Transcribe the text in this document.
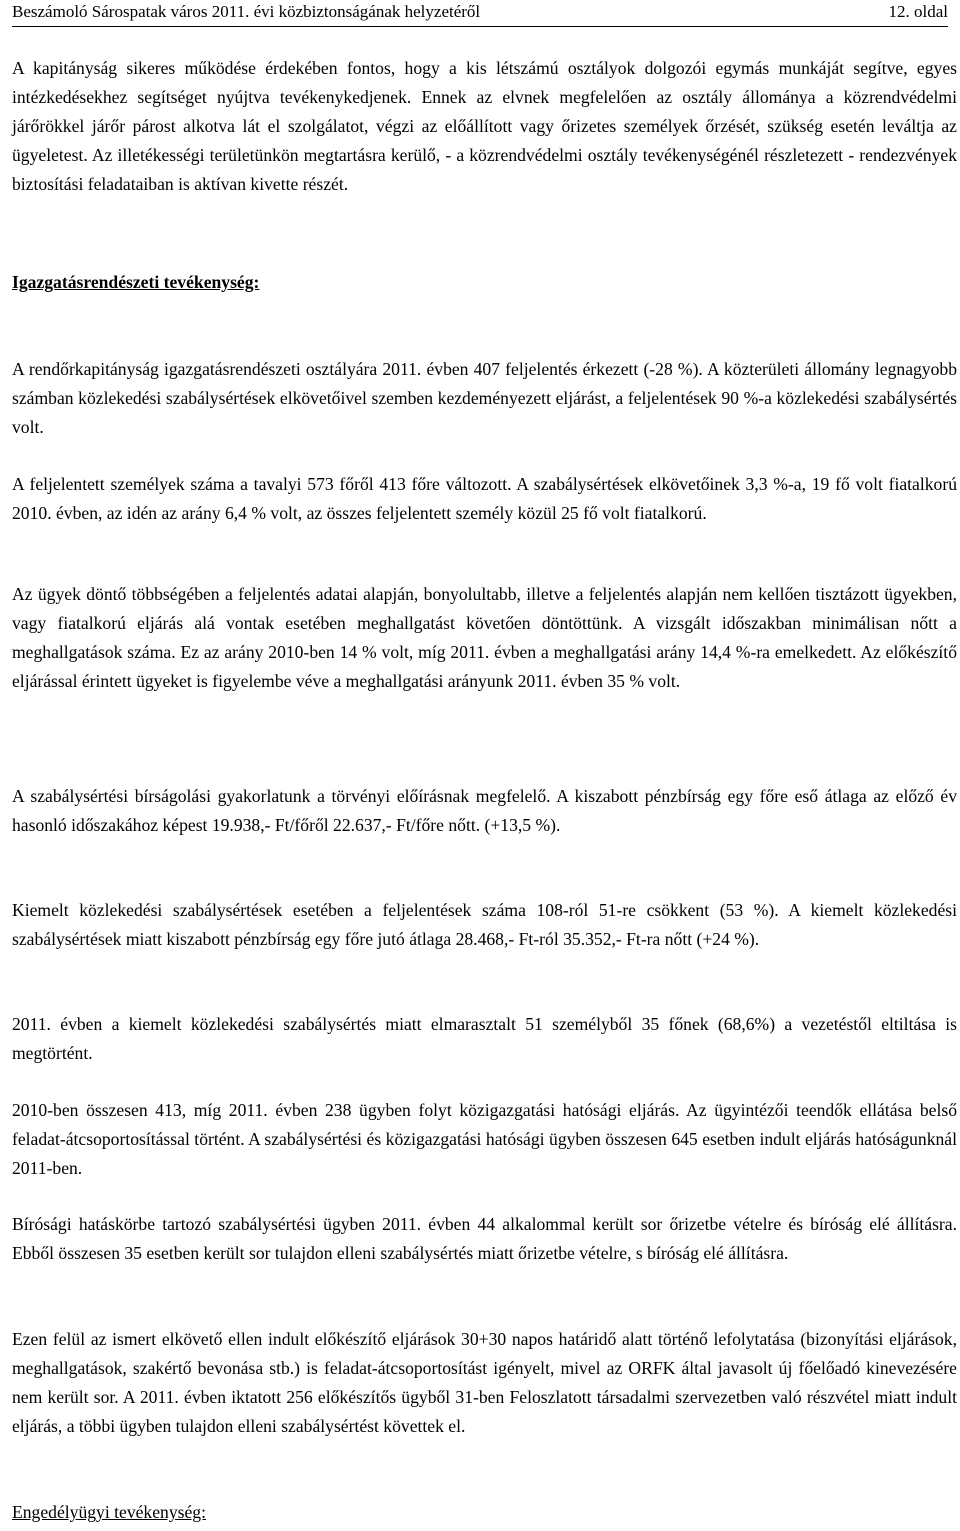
Beszámoló Sárospatak város 2011. évi közbiztonságának helyzetéről	12. oldal

A kapitányság sikeres működése érdekében fontos, hogy a kis létszámú osztályok dolgozói egymás munkáját segítve, egyes intézkedésekhez segítséget nyújtva tevékenykedjenek. Ennek az elvnek megfelelően az osztály állománya a közrendvédelmi járőrökkel járőr párost alkotva lát el szolgálatot, végzi az előállított vagy őrizetes személyek őrzését, szükség esetén leváltja az ügyeletest. Az illetékességi területünkön megtartásra kerülő, - a közrendvédelmi osztály tevékenységénél részletezett - rendezvények biztosítási feladataiban is aktívan kivette részét.

Igazgatásrendészeti tevékenység:

A rendőrkapitányság igazgatásrendészeti osztályára 2011. évben 407 feljelentés érkezett (-28 %). A közterületi állomány legnagyobb számban közlekedési szabálysértések elkövetőivel szemben kezdeményezett eljárást, a feljelentések 90 %-a közlekedési szabálysértés volt.

A feljelentett személyek száma a tavalyi 573 főről 413 főre változott. A szabálysértések elkövetőinek 3,3 %-a, 19 fő volt fiatalkorú 2010. évben, az idén az arány 6,4 % volt, az összes feljelentett személy közül 25 fő volt fiatalkorú.

Az ügyek döntő többségében a feljelentés adatai alapján, bonyolultabb, illetve a feljelentés alapján nem kellően tisztázott ügyekben, vagy fiatalkorú eljárás alá vontak esetében meghallgatást követően döntöttünk. A vizsgált időszakban minimálisan nőtt a meghallgatások száma. Ez az arány 2010-ben 14 % volt, míg 2011. évben a meghallgatási arány 14,4 %-ra emelkedett. Az előkészítő eljárással érintett ügyeket is figyelembe véve a meghallgatási arányunk 2011. évben 35 % volt.

A szabálysértési bírságolási gyakorlatunk a törvényi előírásnak megfelelő. A kiszabott pénzbírság egy főre eső átlaga az előző év hasonló időszakához képest 19.938,- Ft/főről 22.637,- Ft/főre nőtt. (+13,5 %).

Kiemelt közlekedési szabálysértések esetében a feljelentések száma 108-ról 51-re csökkent (53 %). A kiemelt közlekedési szabálysértések miatt kiszabott pénzbírság egy főre jutó átlaga 28.468,- Ft-ról 35.352,- Ft-ra nőtt (+24 %).

2011. évben a kiemelt közlekedési szabálysértés miatt elmarasztalt 51 személyből 35 főnek (68,6%) a vezetéstől eltiltása is megtörtént.

2010-ben összesen 413, míg 2011. évben 238 ügyben folyt közigazgatási hatósági eljárás. Az ügyintézői teendők ellátása belső feladat-átcsoportosítással történt. A szabálysértési és közigazgatási hatósági ügyben összesen 645 esetben indult eljárás hatóságunknál 2011-ben.

Bírósági hatáskörbe tartozó szabálysértési ügyben 2011. évben 44 alkalommal került sor őrizetbe vételre és bíróság elé állításra. Ebből összesen 35 esetben került sor tulajdon elleni szabálysértés miatt őrizetbe vételre, s bíróság elé állításra.

Ezen felül az ismert elkövető ellen indult előkészítő eljárások 30+30 napos határidő alatt történő lefolytatása (bizonyítási eljárások, meghallgatások, szakértő bevonása stb.) is feladat-átcsoportosítást igényelt, mivel az ORFK által javasolt új főelőadó kinevezésére nem került sor. A 2011. évben iktatott 256 előkészítős ügyből 31-ben Feloszlatott társadalmi szervezetben való részvétel miatt indult eljárás, a többi ügyben tulajdon elleni szabálysértést követtek el.

Engedélyügyi tevékenység:
